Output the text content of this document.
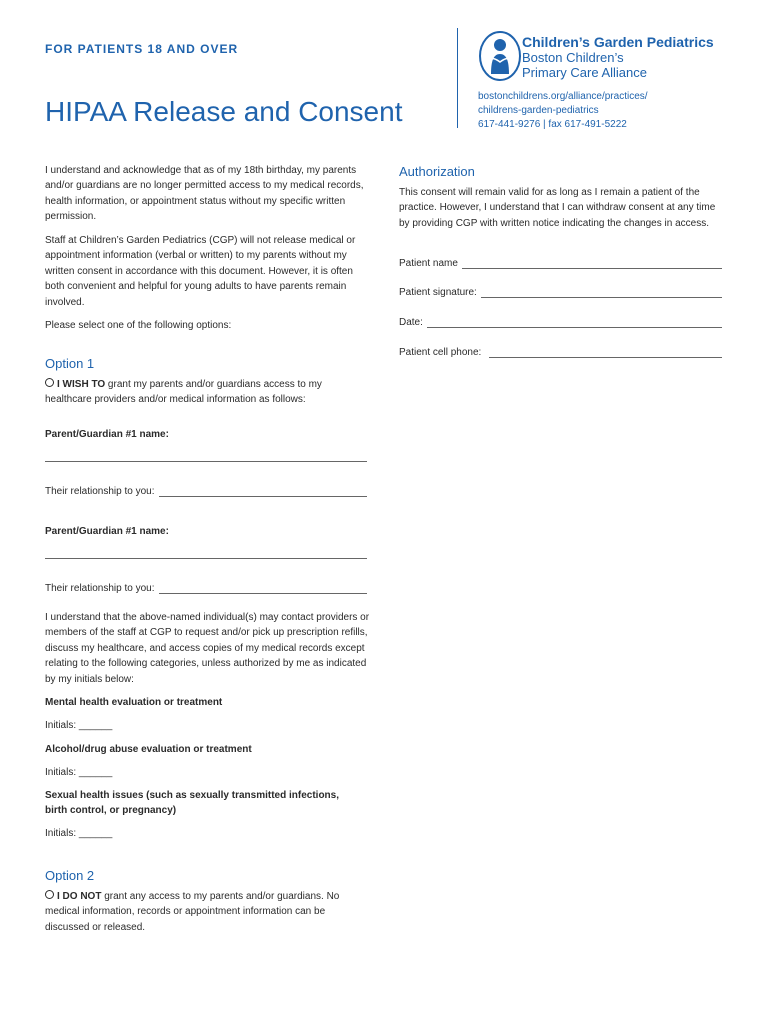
FOR PATIENTS 18 AND OVER
HIPAA Release and Consent
Children’s Garden Pediatrics
Boston Children’s
Primary Care Alliance
bostonchildrens.org/alliance/practices/
childrens-garden-pediatrics
617-441-9276 | fax 617-491-5222
I understand and acknowledge that as of my 18th birthday, my parents and/or guardians are no longer permitted access to my medical records, health information, or appointment status without my specific written permission.
Staff at Children’s Garden Pediatrics (CGP) will not release medical or appointment information (verbal or written) to my parents without my written consent in accordance with this document. However, it is often both convenient and helpful for young adults to have parents remain involved.
Please select one of the following options:
Option 1
I WISH TO grant my parents and/or guardians access to my healthcare providers and/or medical information as follows:
Parent/Guardian #1 name:
Their relationship to you:
Parent/Guardian #1 name:
Their relationship to you:
I understand that the above-named individual(s) may contact providers or members of the staff at CGP to request and/or pick up prescription refills, discuss my healthcare, and access copies of my medical records except relating to the following categories, unless authorized by me as indicated by my initials below:
Mental health evaluation or treatment
Initials: ______
Alcohol/drug abuse evaluation or treatment
Initials: ______
Sexual health issues (such as sexually transmitted infections,
birth control, or pregnancy)
Initials: ______
Option 2
I DO NOT grant any access to my parents and/or guardians. No medical information, records or appointment information can be discussed or released.
Authorization
This consent will remain valid for as long as I remain a patient of the practice. However, I understand that I can withdraw consent at any time by providing CGP with written notice indicating the changes in access.
Patient name
Patient signature:
Date:
Patient cell phone:
